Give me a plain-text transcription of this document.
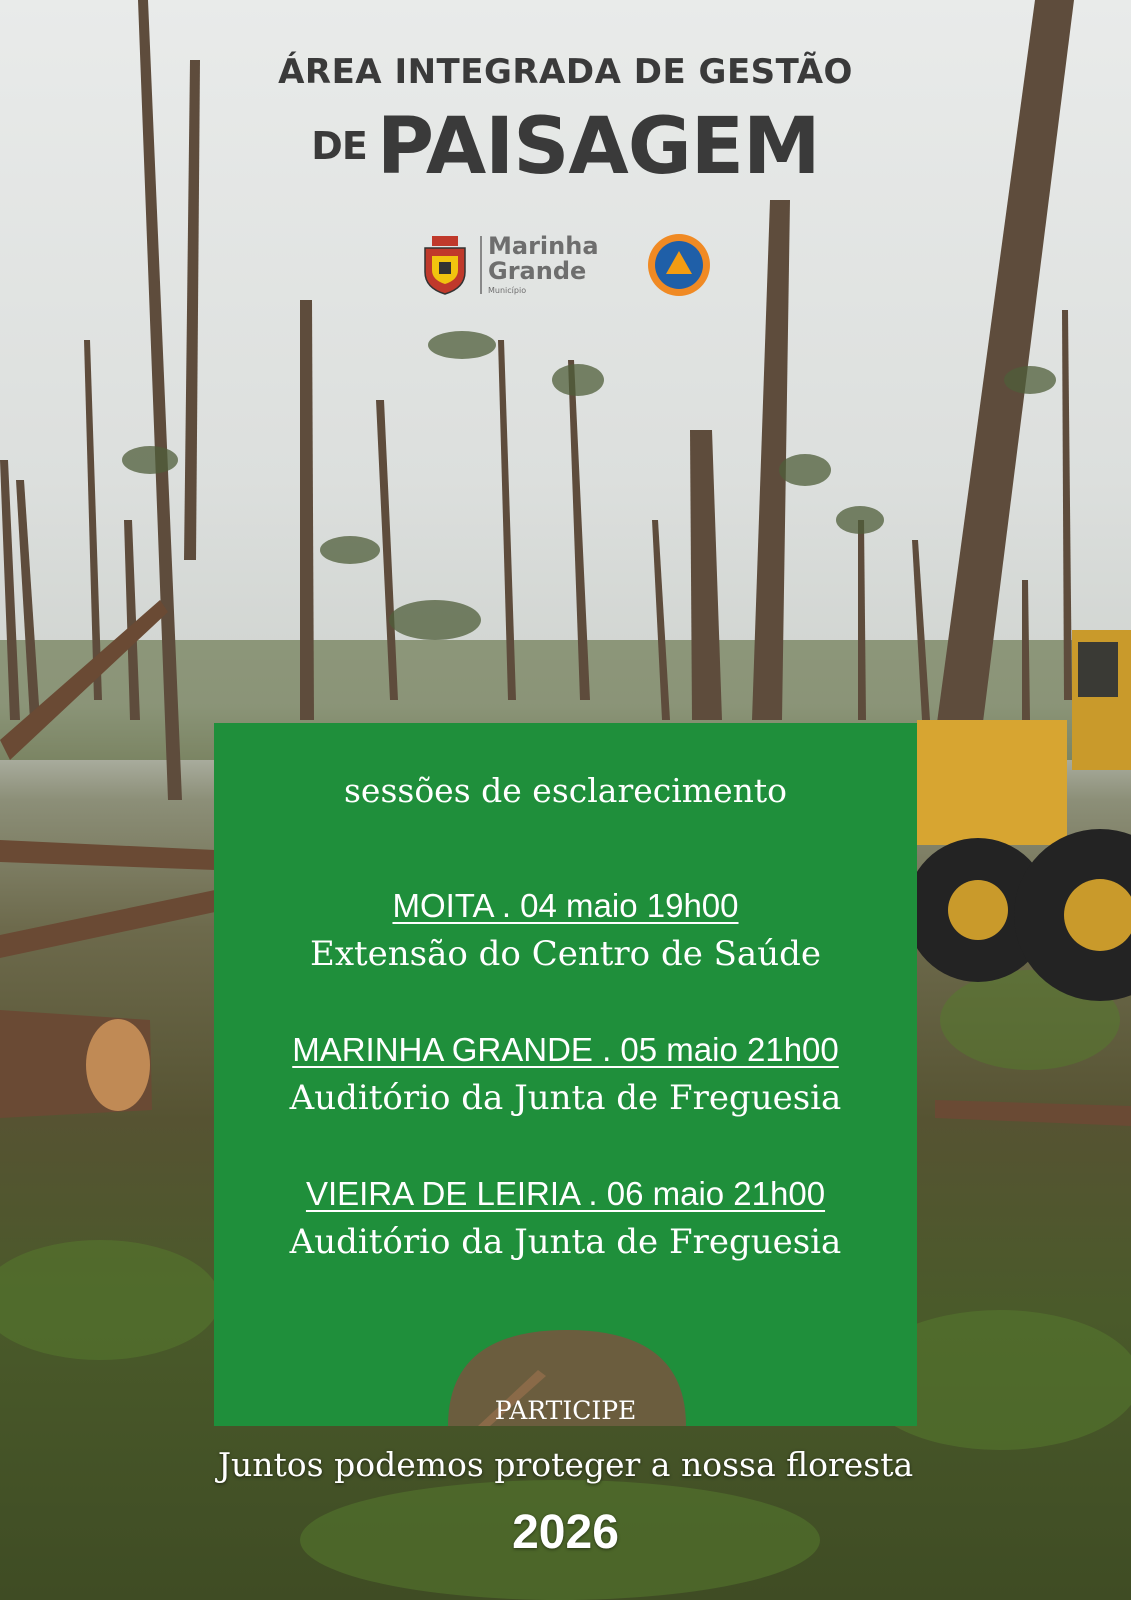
ÁREA INTEGRADA DE GESTÃO
DE PAISAGEM
Marinha
Grande
Município
sessões de esclarecimento
MOITA . 04 maio 19h00
Extensão do Centro de Saúde
MARINHA GRANDE . 05 maio 21h00
Auditório da Junta de Freguesia
VIEIRA DE LEIRIA . 06 maio 21h00
Auditório da Junta de Freguesia
PARTICIPE
Juntos podemos proteger a nossa floresta
2026
